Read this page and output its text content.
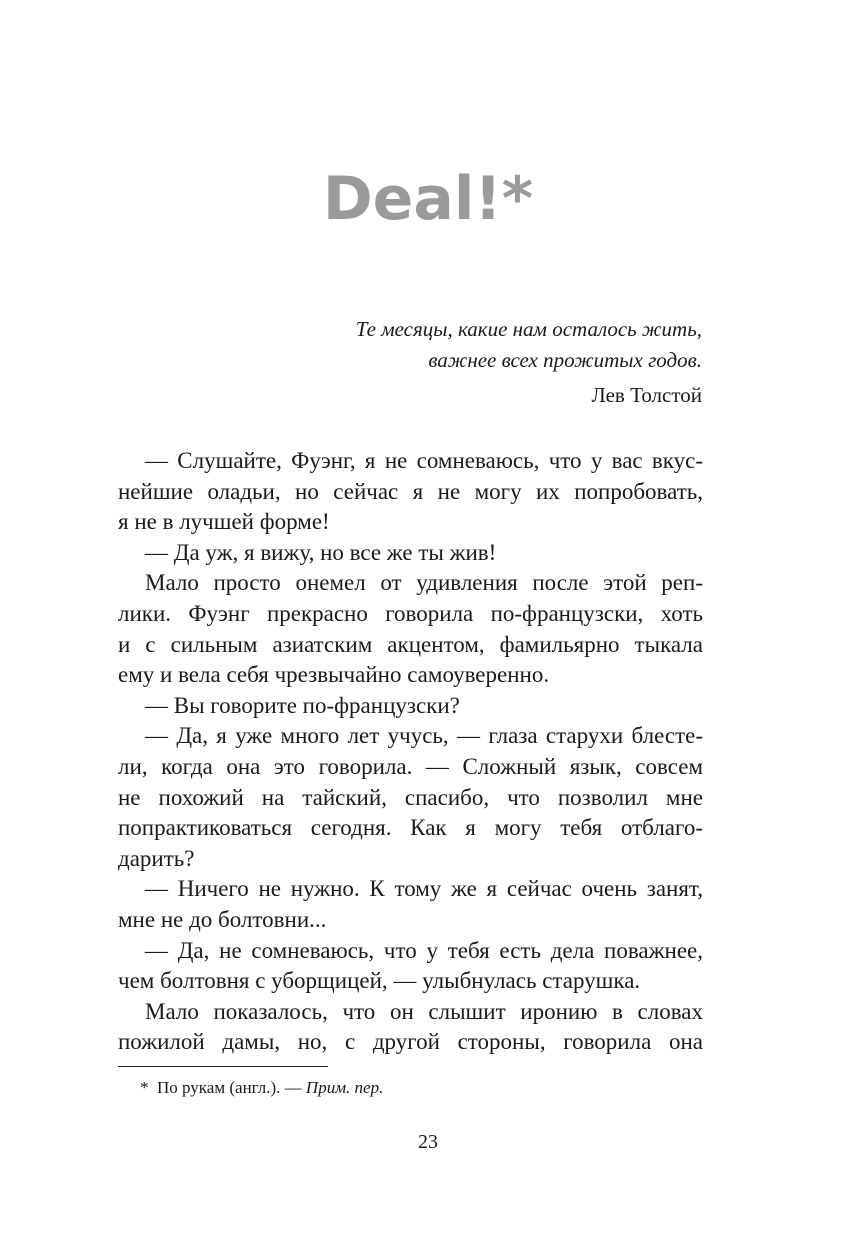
Deal!*
Те месяцы, какие нам осталось жить,
важнее всех прожитых годов.
Лев Толстой
— Слушайте, Фуэнг, я не сомневаюсь, что у вас вкус-
нейшие оладьи, но сейчас я не могу их попробовать,
я не в лучшей форме!
— Да уж, я вижу, но все же ты жив!
Мало просто онемел от удивления после этой реп-
лики. Фуэнг прекрасно говорила по-французски, хоть
и с сильным азиатским акцентом, фамильярно тыкала
ему и вела себя чрезвычайно самоуверенно.
— Вы говорите по-французски?
— Да, я уже много лет учусь, — глаза старухи блесте-
ли, когда она это говорила. — Сложный язык, совсем
не похожий на тайский, спасибо, что позволил мне
попрактиковаться сегодня. Как я могу тебя отблаго-
дарить?
— Ничего не нужно. К тому же я сейчас очень занят,
мне не до болтовни...
— Да, не сомневаюсь, что у тебя есть дела поважнее,
чем болтовня с уборщицей, — улыбнулась старушка.
Мало показалось, что он слышит иронию в словах
пожилой дамы, но, с другой стороны, говорила она
* По рукам (англ.). — Прим. пер.
23
